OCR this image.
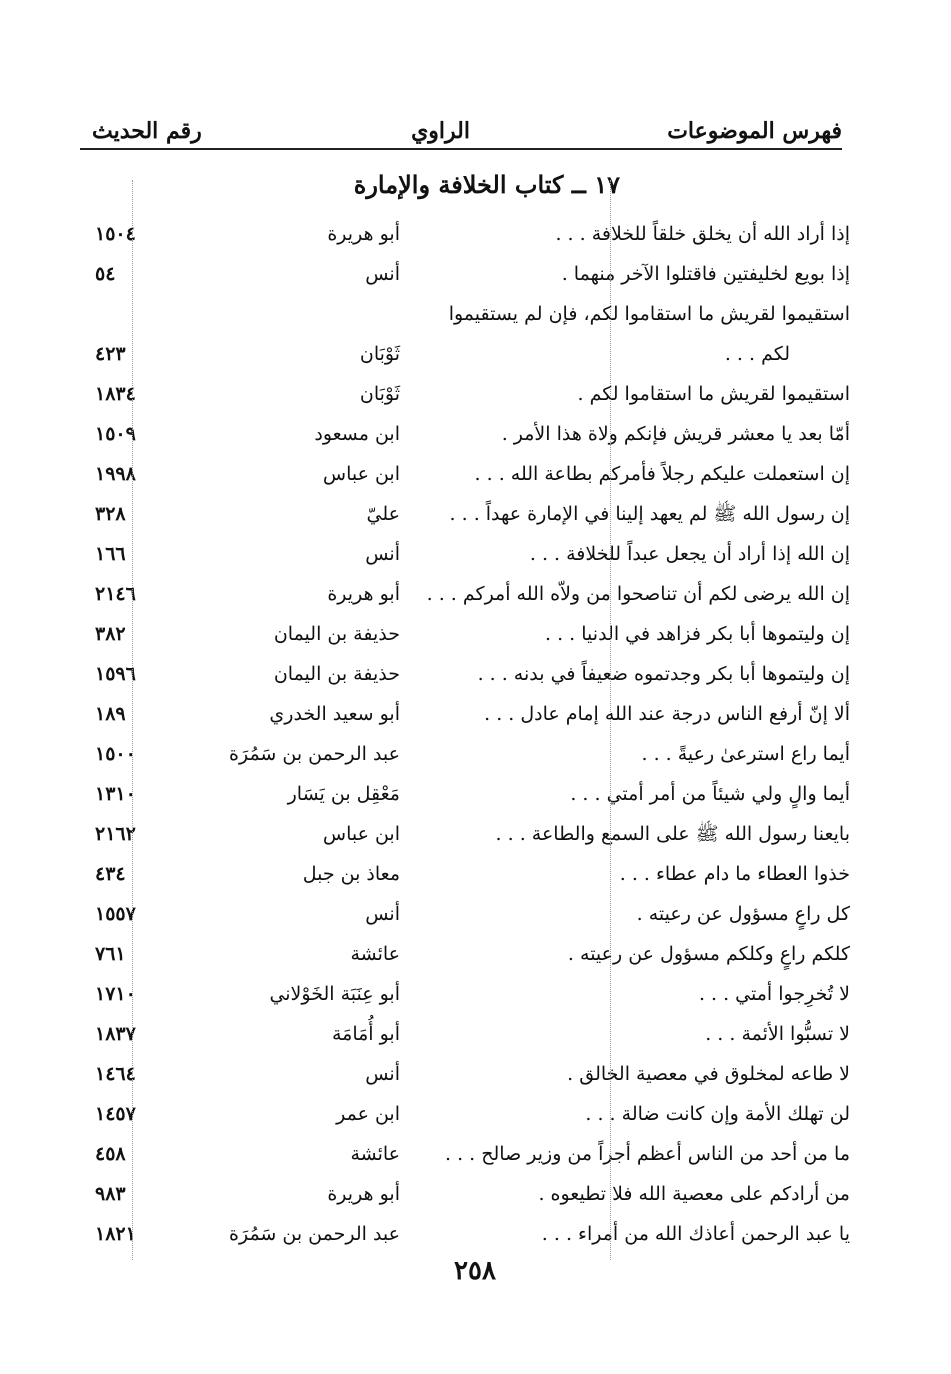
فهرس الموضوعات
الراوي
رقم الحديث
١٧ ــ كتاب الخلافة والإمارة
إذا أراد الله أن يخلق خلقاً للخلافة . . .
أبو هريرة
١٥٠٤
إذا بويع لخليفتين فاقتلوا الآخر منهما .
أنس
٥٤
استقيموا لقريش ما استقاموا لكم، فإن لم يستقيموا
لكم . . .
ثَوْبَان
٤٢٣
استقيموا لقريش ما استقاموا لكم .
ثَوْبَان
١٨٣٤
أمّا بعد يا معشر قريش فإنكم ولاة هذا الأمر .
ابن مسعود
١٥٠٩
إن استعملت عليكم رجلاً فأمركم بطاعة الله . . .
ابن عباس
١٩٩٨
إن رسول الله ﷺ لم يعهد إلينا في الإمارة عهداً . . .
عليّ
٣٢٨
إن الله إذا أراد أن يجعل عبداً للخلافة . . .
أنس
١٦٦
إن الله يرضى لكم أن تناصحوا من ولاّه الله أمركم . . .
أبو هريرة
٢١٤٦
إن وليتموها أبا بكر فزاهد في الدنيا . . .
حذيفة بن اليمان
٣٨٢
إن وليتموها أبا بكر وجدتموه ضعيفاً في بدنه . . .
حذيفة بن اليمان
١٥٩٦
ألا إنّ أرفع الناس درجة عند الله إمام عادل . . .
أبو سعيد الخدري
١٨٩
أيما راع استرعىٰ رعيةً . . .
عبد الرحمن بن سَمُرَة
١٥٠٠
أيما والٍ ولي شيئاً من أمر أمتي . . .
مَعْقِل بن يَسَار
١٣١٠
بايعنا رسول الله ﷺ على السمع والطاعة . . .
ابن عباس
٢١٦٢
خذوا العطاء ما دام عطاء . . .
معاذ بن جبل
٤٣٤
كل راعٍ مسؤول عن رعيته .
أنس
١٥٥٧
كلكم راعٍ وكلكم مسؤول عن رعيته .
عائشة
٧٦١
لا تُخرِجوا أمتي . . .
أبو عِنَبَة الخَوْلاني
١٧١٠
لا تسبُّوا الأئمة . . .
أبو أُمَامَة
١٨٣٧
لا طاعه لمخلوق في معصية الخالق .
أنس
١٤٦٤
لن تهلك الأمة وإن كانت ضالة . . .
ابن عمر
١٤٥٧
ما من أحد من الناس أعظم أجراً من وزير صالح . . .
عائشة
٤٥٨
من أرادكم على معصية الله فلا تطيعوه .
أبو هريرة
٩٨٣
يا عبد الرحمن أعاذك الله من أمراء . . .
عبد الرحمن بن سَمُرَة
١٨٢١
٢٥٨
